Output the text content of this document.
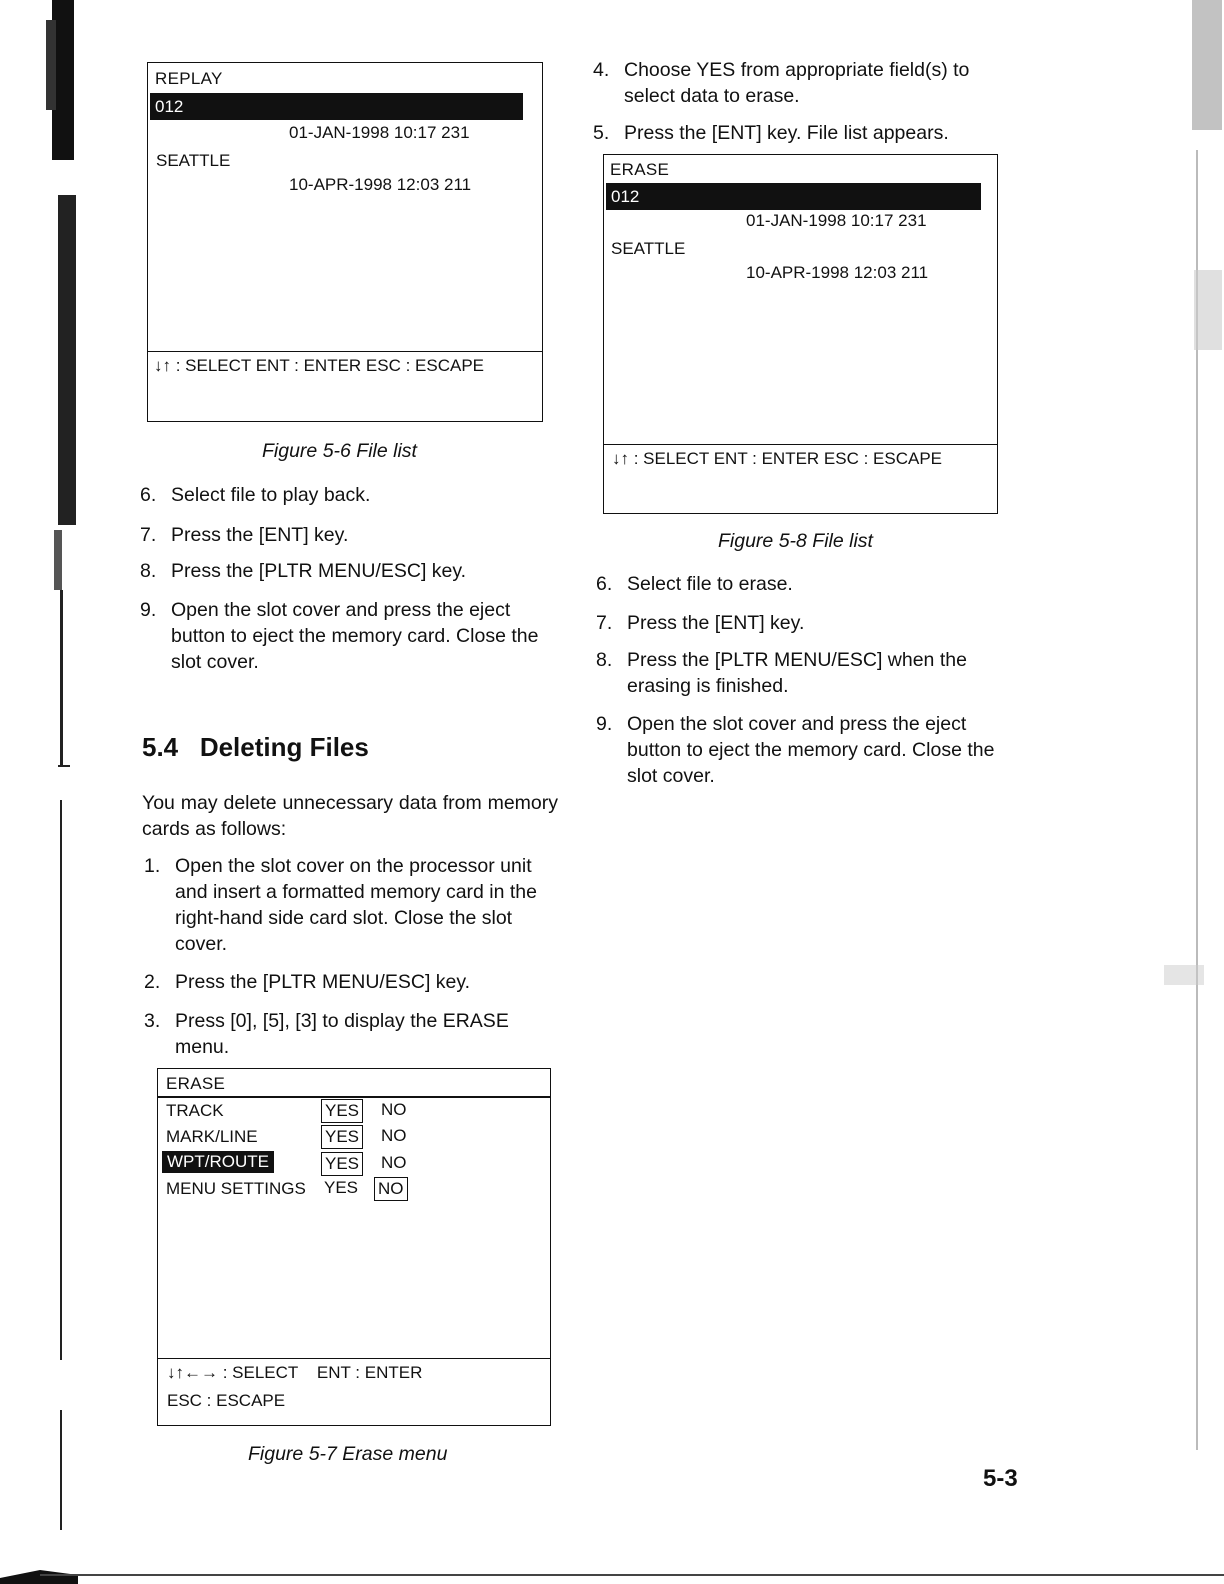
REPLAY
012
01-JAN-1998 10:17 231
SEATTLE
10-APR-1998 12:03 211
↓↑ : SELECT ENT : ENTER ESC : ESCAPE
Figure 5-6 File list
6. Select file to play back.
7. Press the [ENT] key.
8. Press the [PLTR MENU/ESC] key.
9. Open the slot cover and press the eject button to eject the memory card. Close the slot cover.
5.4   Deleting Files
You may delete unnecessary data from memory cards as follows:
1. Open the slot cover on the processor unit and insert a formatted memory card in the right-hand side card slot. Close the slot cover.
2. Press the [PLTR MENU/ESC] key.
3. Press [0], [5], [3] to display the ERASE menu.
ERASE
TRACK	YES NO
MARK/LINE	YES NO
WPT/ROUTE	YES NO
MENU SETTINGS YES NO
↓↑←→ : SELECT    ENT : ENTER
ESC : ESCAPE
Figure 5-7 Erase menu
4. Choose YES from appropriate field(s) to select data to erase.
5. Press the [ENT] key. File list appears.
ERASE
012
01-JAN-1998 10:17 231
SEATTLE
10-APR-1998 12:03 211
↓↑ : SELECT ENT : ENTER ESC : ESCAPE
Figure 5-8 File list
6. Select file to erase.
7. Press the [ENT] key.
8. Press the [PLTR MENU/ESC] when the erasing is finished.
9. Open the slot cover and press the eject button to eject the memory card. Close the slot cover.
5-3
